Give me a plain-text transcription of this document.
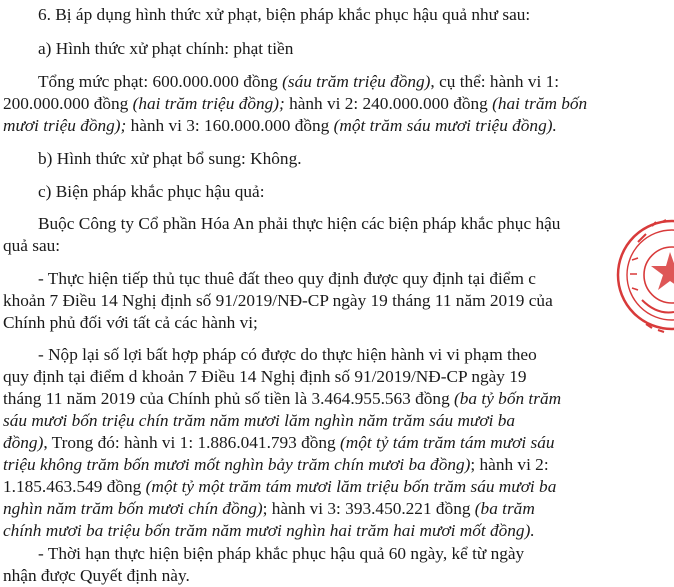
6. Bị áp dụng hình thức xử phạt, biện pháp khắc phục hậu quả như sau:
a) Hình thức xử phạt chính: phạt tiền
Tổng mức phạt: 600.000.000 đồng (sáu trăm triệu đồng), cụ thể: hành vi 1:
200.000.000 đồng (hai trăm triệu đồng); hành vi 2: 240.000.000 đồng (hai trăm bốn
mươi triệu đồng); hành vi 3: 160.000.000 đồng (một trăm sáu mươi triệu đồng).
b) Hình thức xử phạt bổ sung: Không.
c) Biện pháp khắc phục hậu quả:
Buộc Công ty Cổ phần Hóa An phải thực hiện các biện pháp khắc phục hậu
quả sau:
- Thực hiện tiếp thủ tục thuê đất theo quy định được quy định tại điểm c
khoản 7 Điều 14 Nghị định số 91/2019/NĐ-CP ngày 19 tháng 11 năm 2019 của
Chính phủ đối với tất cả các hành vi;
- Nộp lại số lợi bất hợp pháp có được do thực hiện hành vi vi phạm theo
quy định tại điểm d khoản 7 Điều 14 Nghị định số 91/2019/NĐ-CP ngày 19
tháng 11 năm 2019 của Chính phủ số tiền là 3.464.955.563 đồng (ba tỷ bốn trăm
sáu mươi bốn triệu chín trăm năm mươi lăm nghìn năm trăm sáu mươi ba
đồng), Trong đó: hành vi 1: 1.886.041.793 đồng (một tỷ tám trăm tám mươi sáu
triệu không trăm bốn mươi mốt nghìn bảy trăm chín mươi ba đồng); hành vi 2:
1.185.463.549 đồng (một tỷ một trăm tám mươi lăm triệu bốn trăm sáu mươi ba
nghìn năm trăm bốn mươi chín đồng); hành vi 3: 393.450.221 đồng (ba trăm
chính mươi ba triệu bốn trăm năm mươi nghìn hai trăm hai mươi mốt đồng).
- Thời hạn thực hiện biện pháp khắc phục hậu quả 60 ngày, kể từ ngày
nhận được Quyết định này.
